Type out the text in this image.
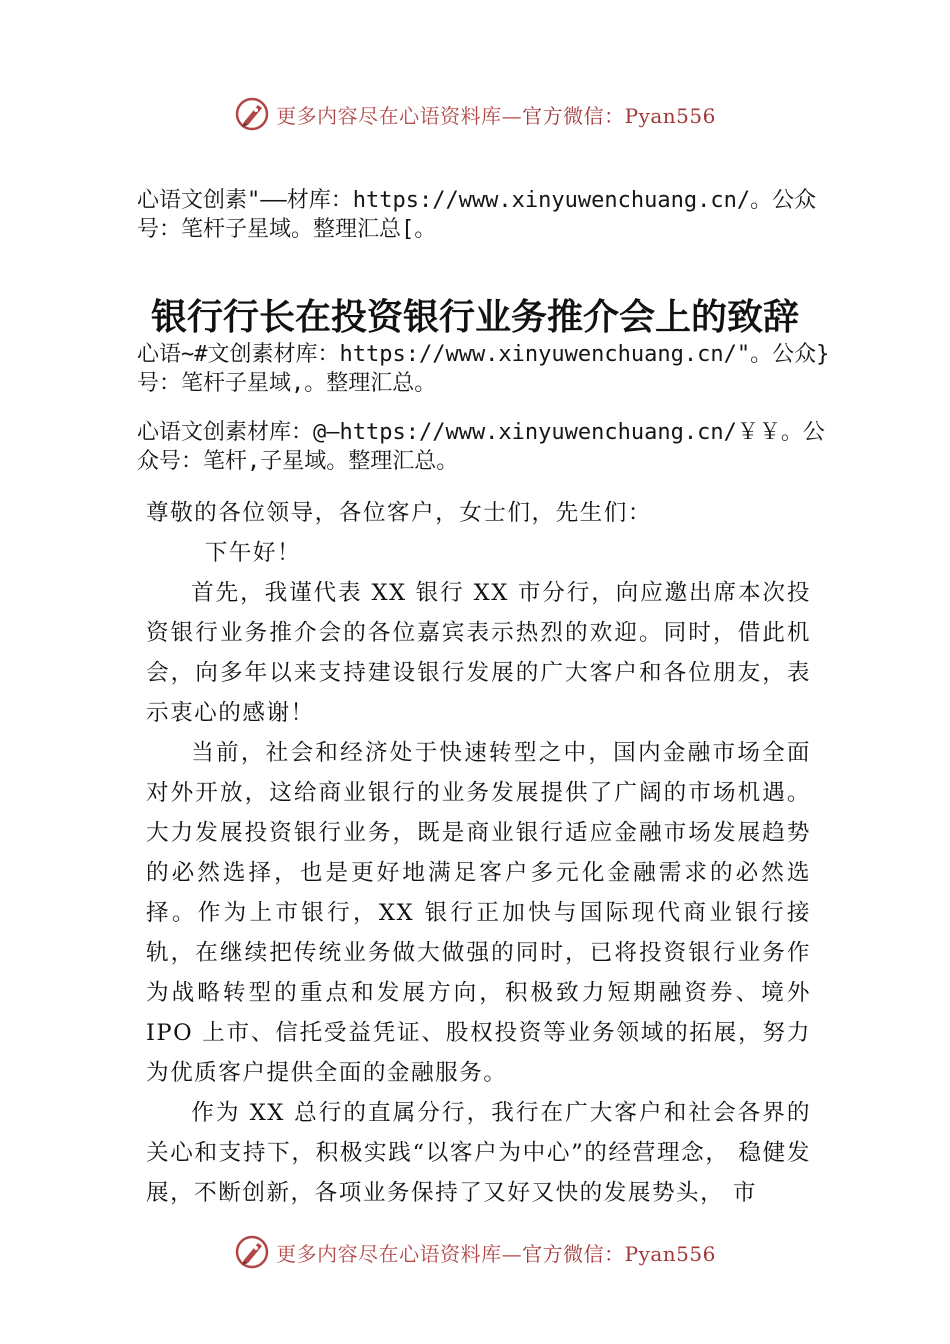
更多内容尽在心语资料库—官方微信：Pyan556
心语文创素"——材库：https://www.xinyuwenchuang.cn/。公众号：笔杆子星域。整理汇总[。
银行行长在投资银行业务推介会上的致辞
心语~#文创素材库：https://www.xinyuwenchuang.cn/"。公众}号：笔杆子星域,。整理汇总。
心语文创素材库：@—https://www.xinyuwenchuang.cn/￥￥。公众号：笔杆,子星域。整理汇总。

尊敬的各位领导，各位客户，女士们，先生们：

下午好！

首先，我谨代表 XX 银行 XX 市分行，向应邀出席本次投资银行业务推介会的各位嘉宾表示热烈的欢迎。同时，借此机会，向多年以来支持建设银行发展的广大客户和各位朋友，表示衷心的感谢！

当前，社会和经济处于快速转型之中，国内金融市场全面对外开放，这给商业银行的业务发展提供了广阔的市场机遇。大力发展投资银行业务，既是商业银行适应金融市场发展趋势的必然选择，也是更好地满足客户多元化金融需求的必然选择。作为上市银行，XX 银行正加快与国际现代商业银行接轨，在继续把传统业务做大做强的同时，已将投资银行业务作为战略转型的重点和发展方向，积极致力短期融资券、境外 IPO 上市、信托受益凭证、股权投资等业务领域的拓展，努力为优质客户提供全面的金融服务。

作为 XX 总行的直属分行，我行在广大客户和社会各界的关心和支持下，积极实践“以客户为中心”的经营理念， 稳健发展，不断创新，各项业务保持了又好又快的发展势头， 市

更多内容尽在心语资料库—官方微信：Pyan556
